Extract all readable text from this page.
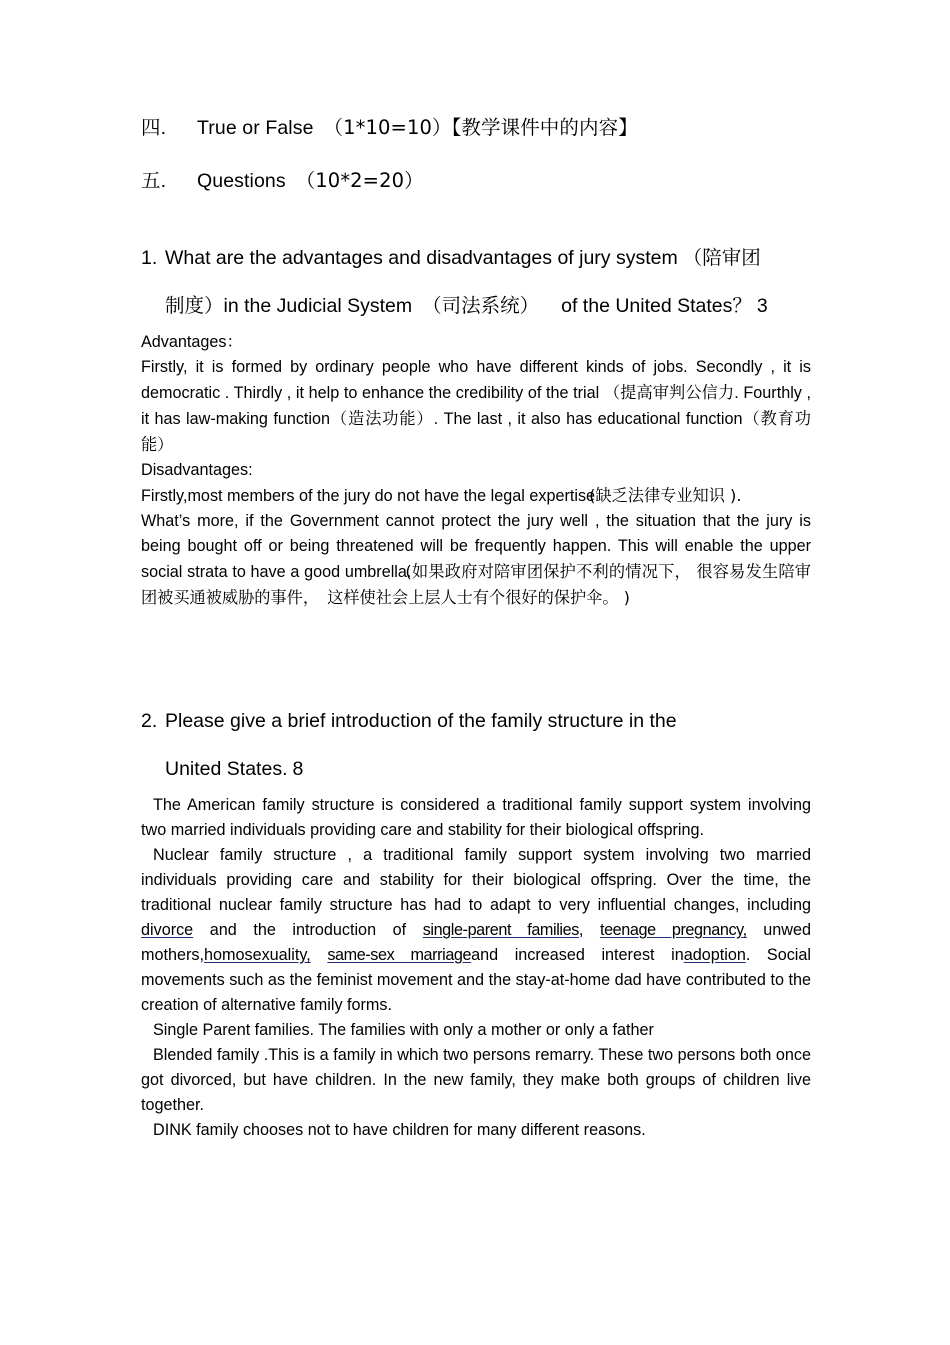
四. True or False （1*10=10）【教学课件中的内容】
五. Questions （10*2=20）
1. What are the advantages and disadvantages of jury system （陪审团
制度）in the Judicial System （司法系统） of the United States？ 3
Advantages：
Firstly, it is formed by ordinary people who have different kinds of jobs. Secondly , it is democratic . Thirdly , it help to enhance the credibility of the trial （提高审判公信力. Fourthly , it has law-making function（造法功能）. The last , it also has educational function（教育功能）
Disadvantages:
Firstly,most members of the jury do not have the legal expertise(缺乏法律专业知识 ).
What’s more, if the Government cannot protect the jury well , the situation that the jury is being bought off or being threatened will be frequently happen. This will enable the upper social strata to have a good umbrella.(如果政府对陪审团保护不利的情况下， 很容易发生陪审团被买通被威胁的事件，　这样使社会上层人士有个很好的保护伞。 )
2. Please give a brief introduction of the family structure in the
United States. 8
The American family structure is considered a traditional family support system involving two married individuals providing care and stability for their biological offspring.
Nuclear family structure , a traditional family support system involving two married individuals providing care and stability for their biological offspring. Over the time, the traditional nuclear family structure has had to adapt to very influential changes, including divorce and the introduction of single-parent families, teenage pregnancy, unwed mothers,homosexuality, same-sex marriageand increased interest inadoption. Social movements such as the feminist movement and the stay-at-home dad have contributed to the creation of alternative family forms.
Single Parent families. The families with only a mother or only a father
Blended family .This is a family in which two persons remarry. These two persons both once got divorced, but have children. In the new family, they make both groups of children live together.
DINK family chooses not to have children for many different reasons.
